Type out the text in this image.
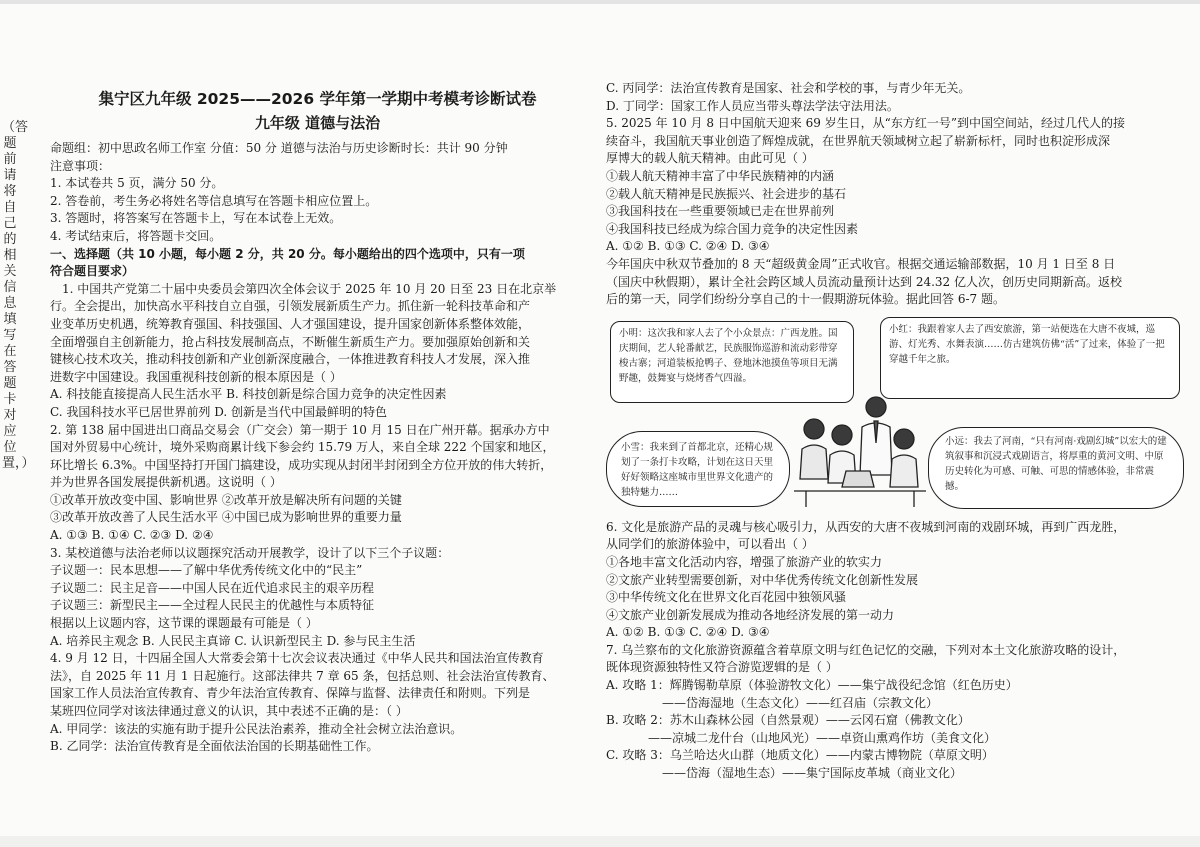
（答题前请将自己的相关信息填写在答题卡对应位置，）
集宁区九年级 2025——2026 学年第一学期中考模考诊断试卷
九年级 道德与法治
命题组：初中思政名师工作室 分值：50 分 道德与法治与历史诊断时长：共计 90 分钟
注意事项：
1. 本试卷共 5 页，满分 50 分。
2. 答卷前，考生务必将姓名等信息填写在答题卡相应位置上。
3. 答题时，将答案写在答题卡上，写在本试卷上无效。
4. 考试结束后，将答题卡交回。
一、选择题（共 10 小题，每小题 2 分，共 20 分。每小题给出的四个选项中，只有一项
符合题目要求）
1. 中国共产党第二十届中央委员会第四次全体会议于 2025 年 10 月 20 日至 23 日在北京举
行。全会提出，加快高水平科技自立自强，引领发展新质生产力。抓住新一轮科技革命和产
业变革历史机遇，统筹教育强国、科技强国、人才强国建设，提升国家创新体系整体效能，
全面增强自主创新能力，抢占科技发展制高点，不断催生新质生产力。要加强原始创新和关
键核心技术攻关，推动科技创新和产业创新深度融合，一体推进教育科技人才发展，深入推
进数字中国建设。我国重视科技创新的根本原因是（ ）
A. 科技能直接提高人民生活水平 B. 科技创新是综合国力竞争的决定性因素
C. 我国科技水平已居世界前列 D. 创新是当代中国最鲜明的特色
2. 第 138 届中国进出口商品交易会（广交会）第一期于 10 月 15 日在广州开幕。据承办方中
国对外贸易中心统计，境外采购商累计线下参会约 15.79 万人，来自全球 222 个国家和地区，
环比增长 6.3%。中国坚持打开国门搞建设，成功实现从封闭半封闭到全方位开放的伟大转折，
并为世界各国发展提供新机遇。这说明（ ）
①改革开放改变中国、影响世界 ②改革开放是解决所有问题的关键
③改革开放改善了人民生活水平 ④中国已成为影响世界的重要力量
A. ①③ B. ①④ C. ②③ D. ②④
3. 某校道德与法治老师以议题探究活动开展教学，设计了以下三个子议题：
子议题一：民本思想——了解中华优秀传统文化中的“民主”
子议题二：民主足音——中国人民在近代追求民主的艰辛历程
子议题三：新型民主——全过程人民民主的优越性与本质特征
根据以上议题内容，这节课的课题最有可能是（ ）
A. 培养民主观念 B. 人民民主真谛 C. 认识新型民主 D. 参与民主生活
4. 9 月 12 日，十四届全国人大常委会第十七次会议表决通过《中华人民共和国法治宣传教育
法》，自 2025 年 11 月 1 日起施行。这部法律共 7 章 65 条，包括总则、社会法治宣传教育、
国家工作人员法治宣传教育、青少年法治宣传教育、保障与监督、法律责任和附则。下列是
某班四位同学对该法律通过意义的认识，其中表述不正确的是：（ ）
A. 甲同学：该法的实施有助于提升公民法治素养，推动全社会树立法治意识。
B. 乙同学：法治宣传教育是全面依法治国的长期基础性工作。
C. 丙同学：法治宣传教育是国家、社会和学校的事，与青少年无关。
D. 丁同学：国家工作人员应当带头尊法学法守法用法。
5. 2025 年 10 月 8 日中国航天迎来 69 岁生日，从“东方红一号”到中国空间站，经过几代人的接
续奋斗，我国航天事业创造了辉煌成就，在世界航天领域树立起了崭新标杆，同时也积淀形成深
厚博大的载人航天精神。由此可见（ ）
①载人航天精神丰富了中华民族精神的内涵
②载人航天精神是民族振兴、社会进步的基石
③我国科技在一些重要领域已走在世界前列
④我国科技已经成为综合国力竞争的决定性因素
A. ①② B. ①③ C. ②④ D. ③④
今年国庆中秋双节叠加的 8 天“超级黄金周”正式收官。根据交通运输部数据，10 月 1 日至 8 日
（国庆中秋假期），累计全社会跨区域人员流动量预计达到 24.32 亿人次，创历史同期新高。返校
后的第一天，同学们纷纷分享自己的十一假期游玩体验。据此回答 6-7 题。
小明：这次我和家人去了个小众景点：广西龙胜。国庆期间，艺人轮番献艺，民族服饰巡游和流动彩带穿梭古寨；河道装板抢鸭子、登地沐池摸鱼等项目无满野趣，鼓舞宴与烧烤香气四溢。
小红：我跟着家人去了西安旅游，第一站便选在大唐不夜城，巡游、灯光秀、水舞表演……仿古建筑仿佛“活”了过来，体验了一把穿越千年之旅。
小雪：我来到了首都北京，还精心规划了一条打卡攻略，计划在这日天里好好领略这座城市里世界文化遗产的独特魅力……
小远：我去了河南，“只有河南·戏剧幻城”以宏大的建筑叙事和沉浸式戏剧语言，将厚重的黄河文明、中原历史转化为可感、可触、可思的情感体验，非常震撼。
6. 文化是旅游产品的灵魂与核心吸引力，从西安的大唐不夜城到河南的戏剧环城，再到广西龙胜，
从同学们的旅游体验中，可以看出（ ）
①各地丰富文化活动内容，增强了旅游产业的软实力
②文旅产业转型需要创新，对中华优秀传统文化创新性发展
③中华传统文化在世界文化百花园中独领风骚
④文旅产业创新发展成为推动各地经济发展的第一动力
A. ①② B. ①③ C. ②④ D. ③④
7. 乌兰察布的文化旅游资源蕴含着草原文明与红色记忆的交融，下列对本土文化旅游攻略的设计，
既体现资源独特性又符合游览逻辑的是（ ）
A. 攻略 1：辉腾锡勒草原（体验游牧文化）——集宁战役纪念馆（红色历史）
——岱海湿地（生态文化）——红召庙（宗教文化）
B. 攻略 2：苏木山森林公园（自然景观）——云冈石窟（佛教文化）
——凉城二龙什台（山地风光）——卓资山熏鸡作坊（美食文化）
C. 攻略 3：乌兰哈达火山群（地质文化）——内蒙古博物院（草原文明）
——岱海（湿地生态）——集宁国际皮革城（商业文化）
